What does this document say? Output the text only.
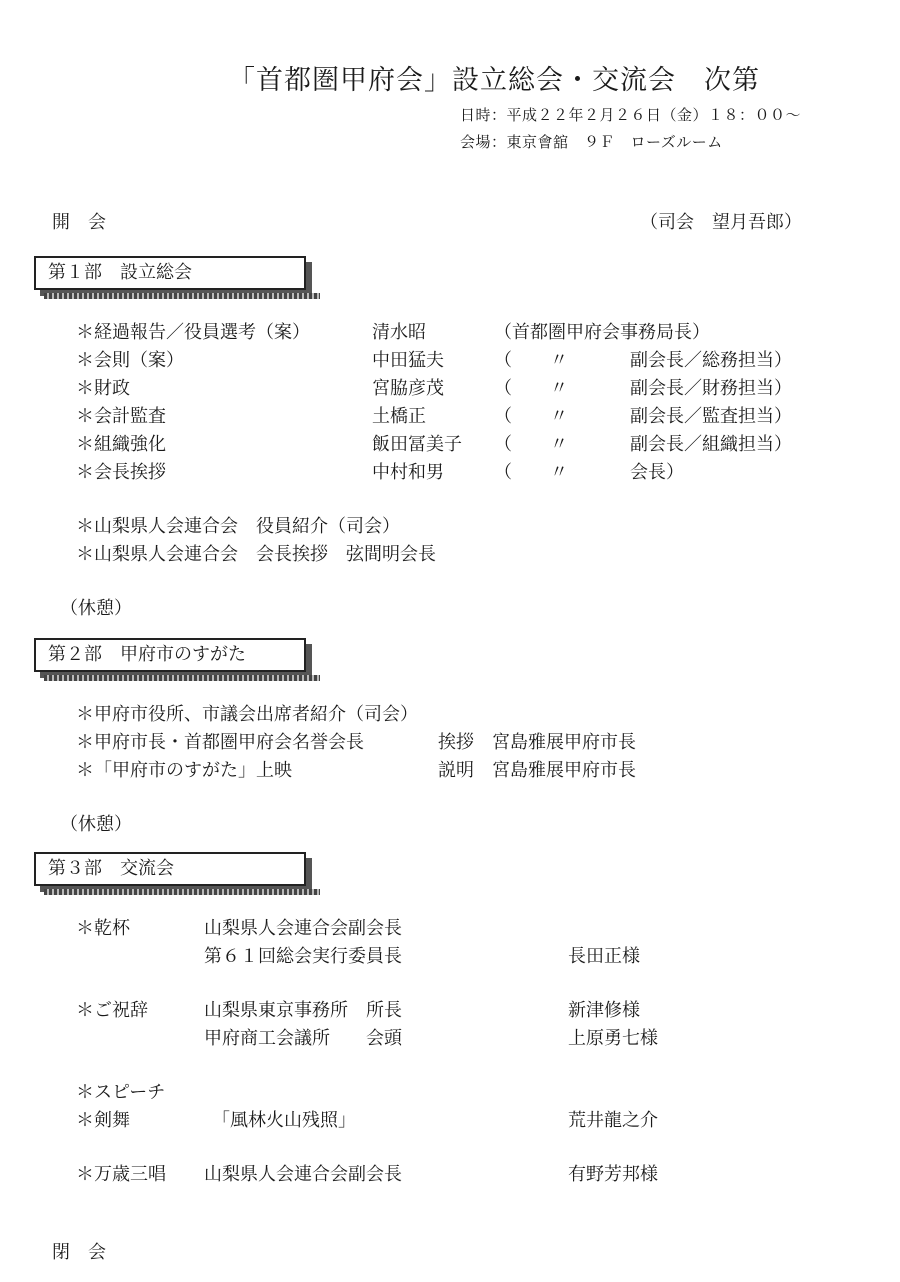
「首都圏甲府会」設立総会・交流会　次第
日時：平成２２年２月２６日（金）１８：００～
会場：東京會舘　９Ｆ　ローズルーム
開　会	（司会　望月吾郎）
第１部　設立総会
＊経過報告／役員選考（案）	清水昭	（首都圏甲府会事務局長）
＊会則（案）	中田猛夫	（ 〃	副会長／総務担当）
＊財政	宮脇彦茂	（ 〃	副会長／財務担当）
＊会計監査	土橋正	（ 〃	副会長／監査担当）
＊組織強化	飯田冨美子 （ 〃	副会長／組織担当）
＊会長挨拶	中村和男	（ 〃	会長）
＊山梨県人会連合会　役員紹介（司会）
＊山梨県人会連合会　会長挨拶　弦間明会長
（休憩）
第２部　甲府市のすがた
＊甲府市役所、市議会出席者紹介（司会）
＊甲府市長・首都圏甲府会名誉会長	挨拶　宮島雅展甲府市長
＊「甲府市のすがた」上映	説明　宮島雅展甲府市長
（休憩）
第３部　交流会
＊乾杯	山梨県人会連合会副会長
第６１回総会実行委員長	長田正様
＊ご祝辞	山梨県東京事務所　所長	新津修様
甲府商工会議所　　会頭	上原勇七様
＊スピーチ
＊剣舞	「風林火山残照」	荒井龍之介
＊万歳三唱 山梨県人会連合会副会長	有野芳邦様
閉　会
